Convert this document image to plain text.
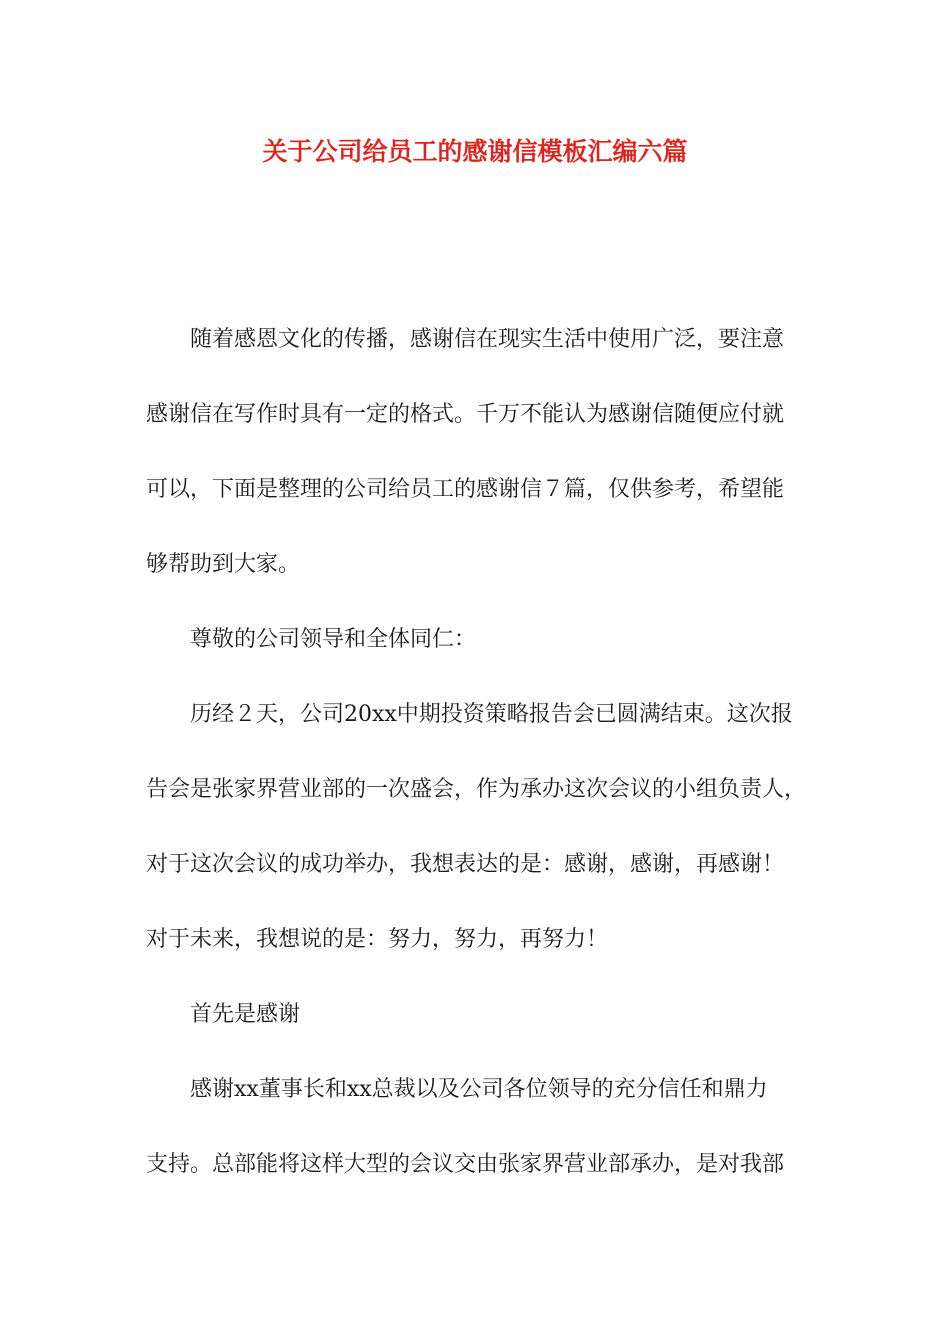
关于公司给员工的感谢信模板汇编六篇
随着感恩文化的传播，感谢信在现实生活中使用广泛，要注意
感谢信在写作时具有一定的格式。千万不能认为感谢信随便应付就
可以，下面是整理的公司给员工的感谢信７篇，仅供参考，希望能
够帮助到大家。
尊敬的公司领导和全体同仁：
历经２天，公司20xx中期投资策略报告会已圆满结束。这次报
告会是张家界营业部的一次盛会，作为承办这次会议的小组负责人，
对于这次会议的成功举办，我想表达的是：感谢，感谢，再感谢！
对于未来，我想说的是：努力，努力，再努力！
首先是感谢
感谢xx董事长和xx总裁以及公司各位领导的充分信任和鼎力
支持。总部能将这样大型的会议交由张家界营业部承办，是对我部
